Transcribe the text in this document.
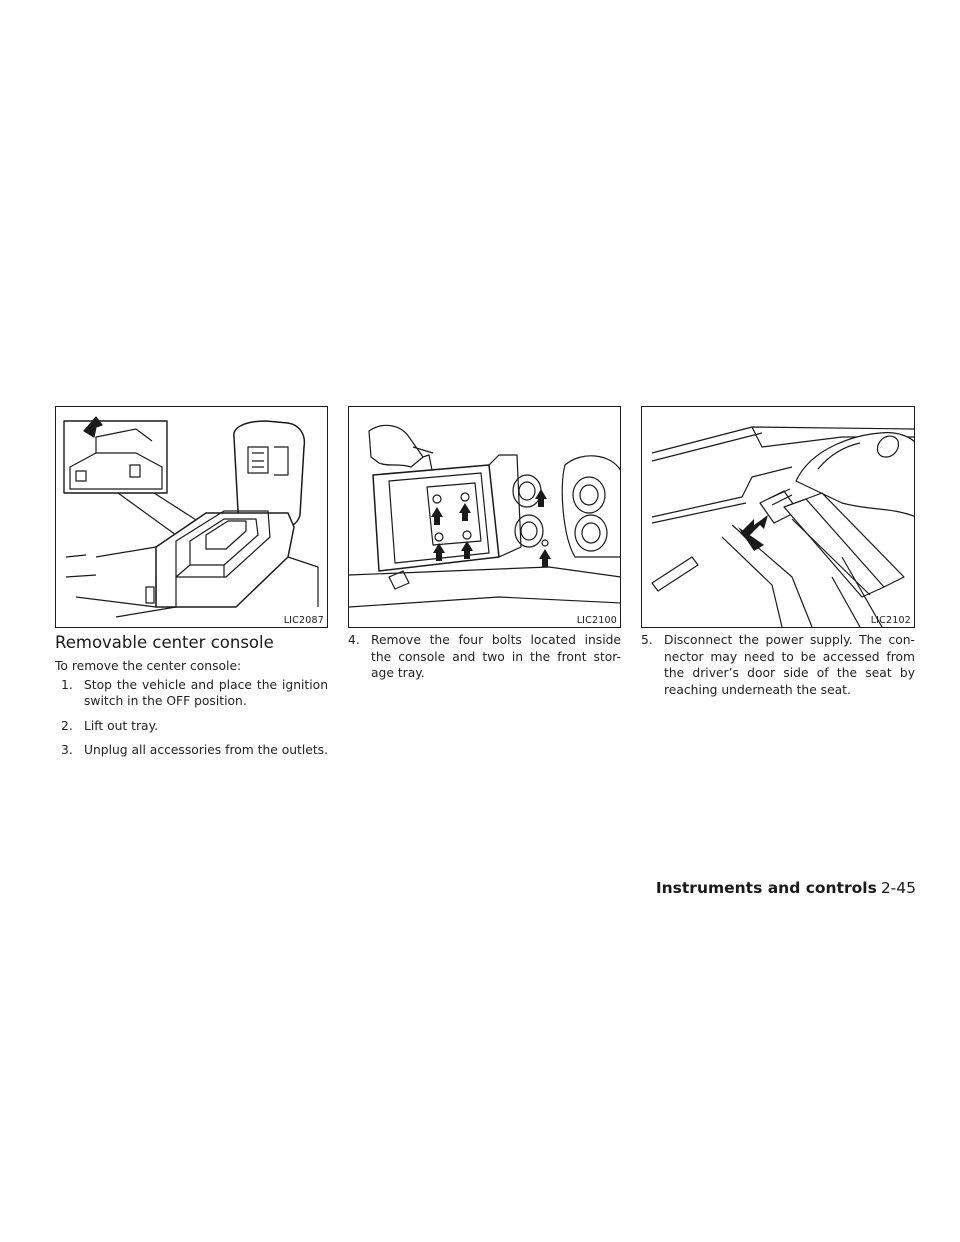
LIC2087	LIC2100	LIC2102
Removable center console

To remove the center console:

1. Stop the vehicle and place the ignition switch in the OFF position.
2. Lift out tray.
3. Unplug all accessories from the outlets.
4. Remove the four bolts located inside the console and two in the front stor-age tray.
5. Disconnect the power supply. The con-nector may need to be accessed from the driver’s door side of the seat by reaching underneath the seat.
Instruments and controls 2-45
